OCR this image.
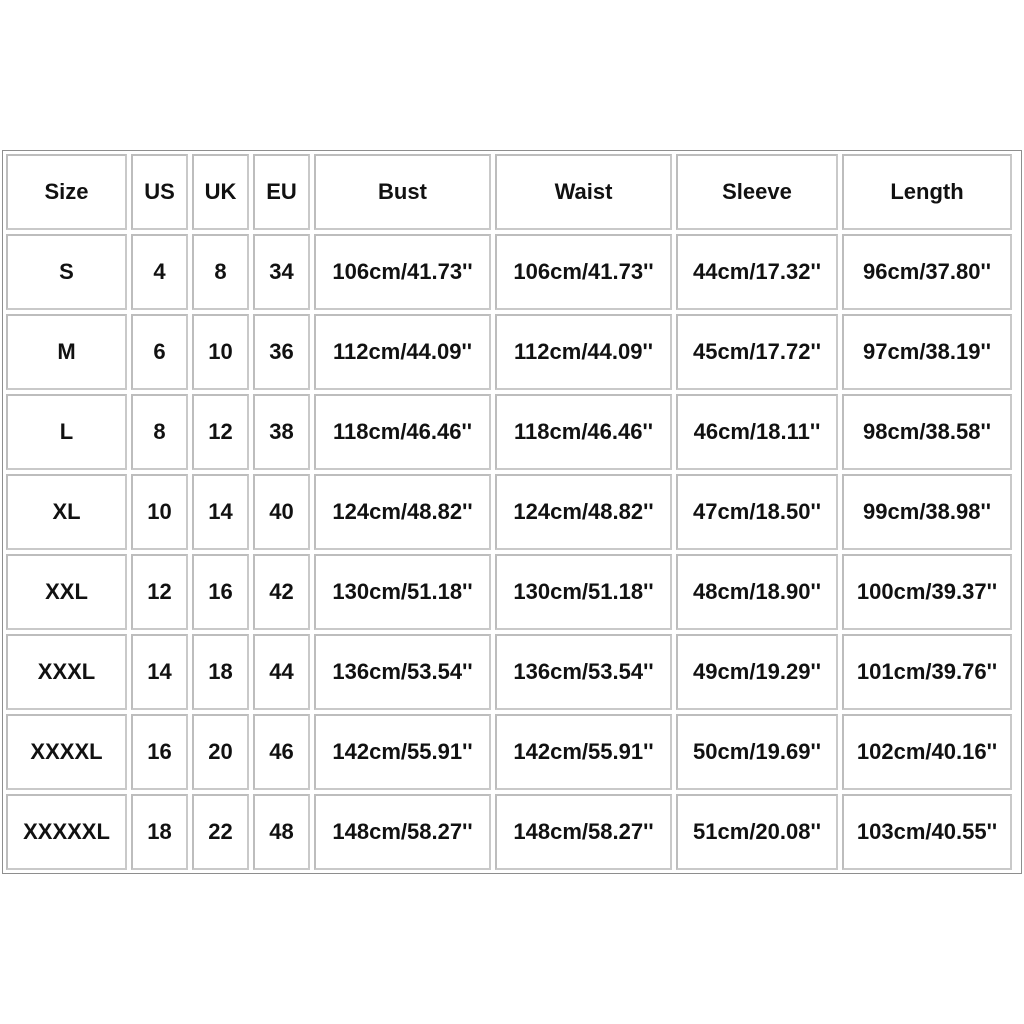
Size	US	UK	EU	Bust	Waist	Sleeve	Length
S	4	8	34	106cm/41.73''	106cm/41.73''	44cm/17.32''	96cm/37.80''
M	6	10	36	112cm/44.09''	112cm/44.09''	45cm/17.72''	97cm/38.19''
L	8	12	38	118cm/46.46''	118cm/46.46''	46cm/18.11''	98cm/38.58''
XL	10	14	40	124cm/48.82''	124cm/48.82''	47cm/18.50''	99cm/38.98''
XXL	12	16	42	130cm/51.18''	130cm/51.18''	48cm/18.90''	100cm/39.37''
XXXL	14	18	44	136cm/53.54''	136cm/53.54''	49cm/19.29''	101cm/39.76''
XXXXL	16	20	46	142cm/55.91''	142cm/55.91''	50cm/19.69''	102cm/40.16''
XXXXXL	18	22	48	148cm/58.27''	148cm/58.27''	51cm/20.08''	103cm/40.55''
